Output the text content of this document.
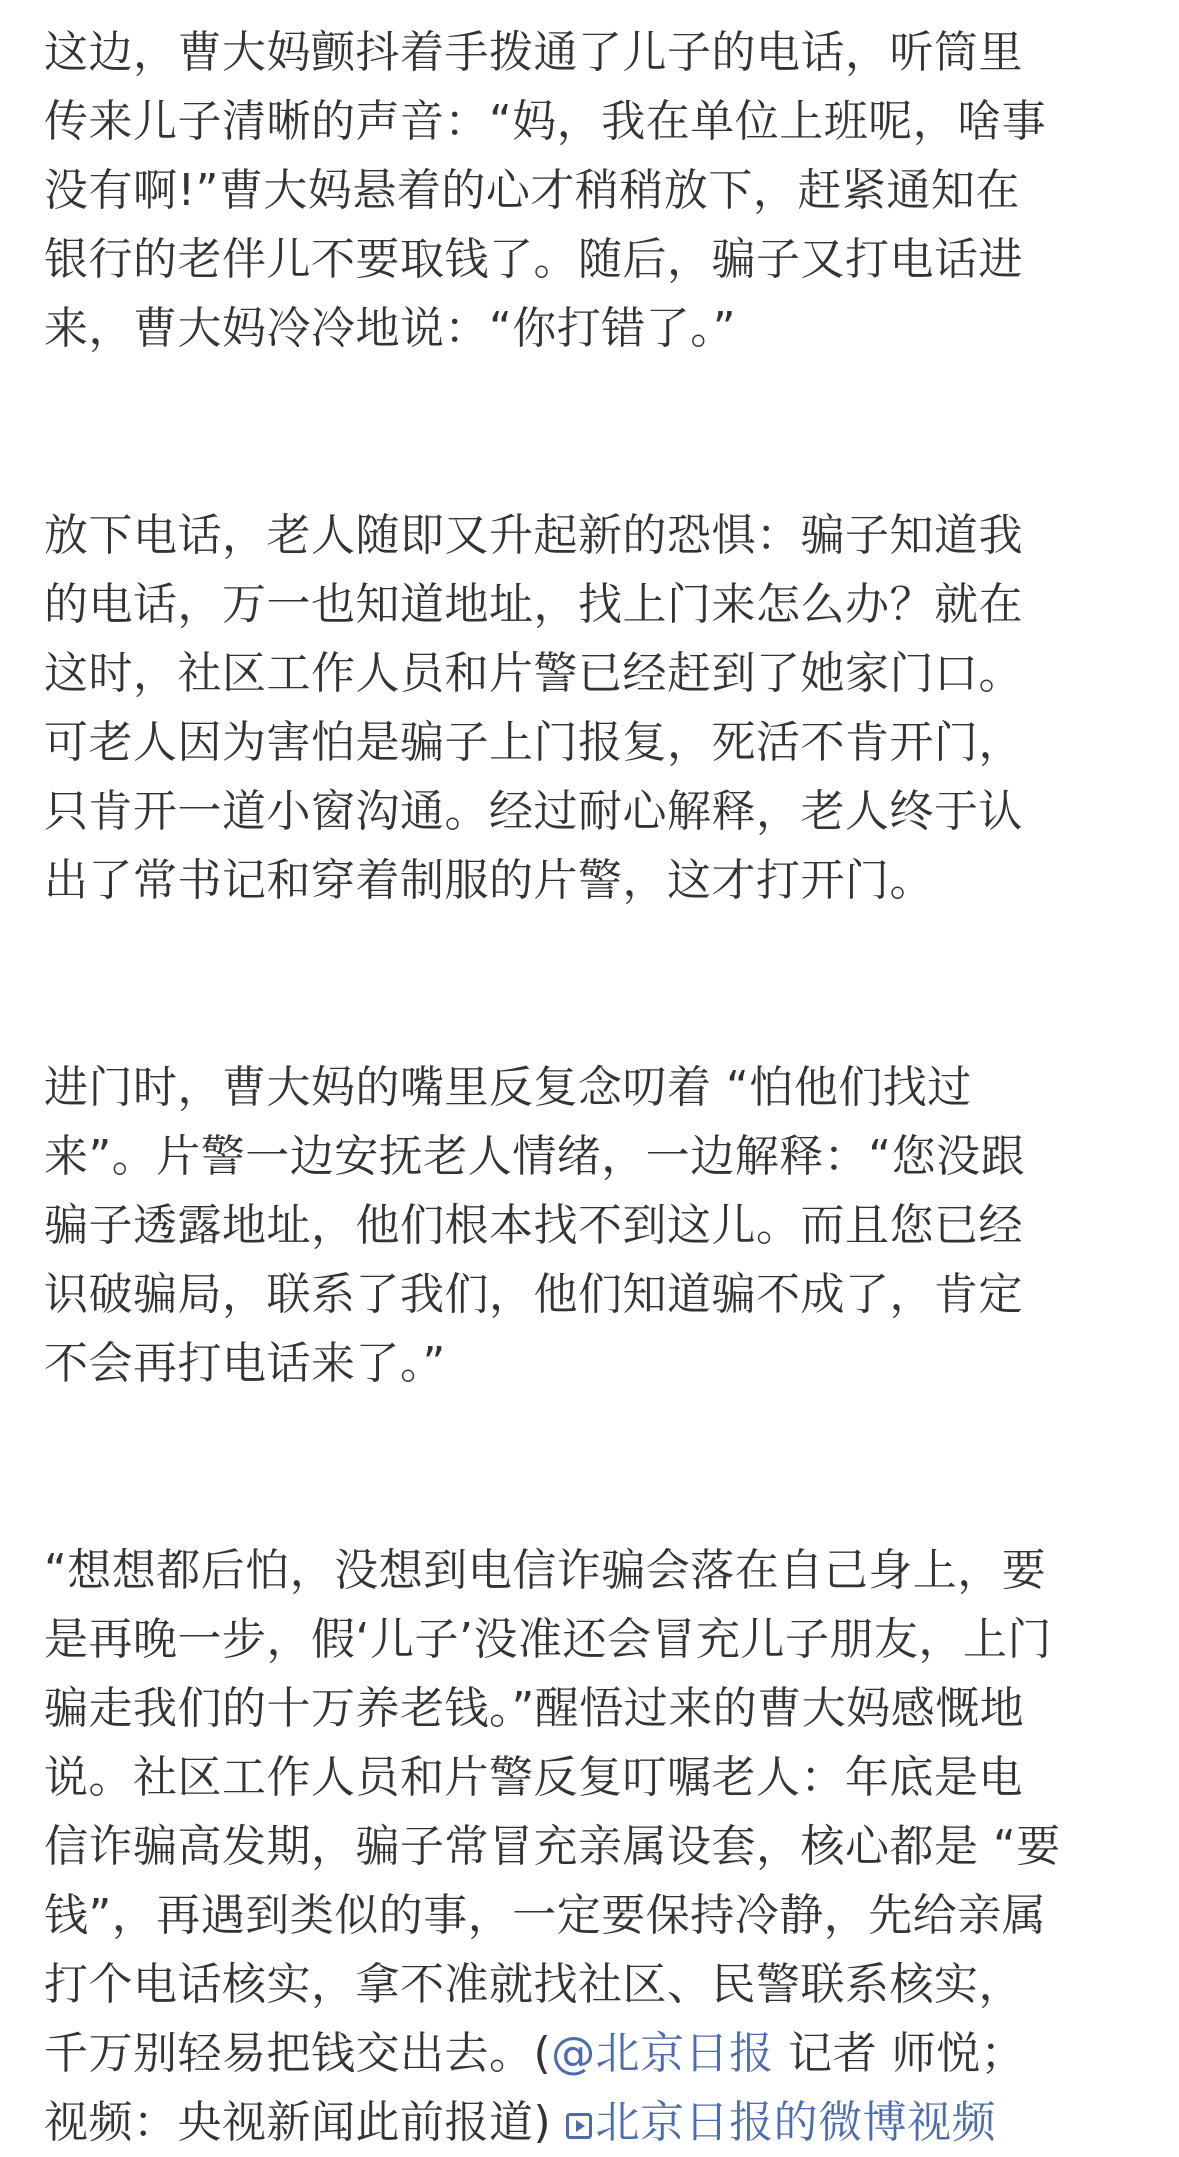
这边，曹大妈颤抖着手拨通了儿子的电话，听筒里
传来儿子清晰的声音：“妈，我在单位上班呢，啥事
没有啊!”曹大妈悬着的心才稍稍放下，赶紧通知在
银行的老伴儿不要取钱了。随后，骗子又打电话进
来，曹大妈冷冷地说：“你打错了。”
放下电话，老人随即又升起新的恐惧：骗子知道我
的电话，万一也知道地址，找上门来怎么办？就在
这时，社区工作人员和片警已经赶到了她家门口。
可老人因为害怕是骗子上门报复，死活不肯开门，
只肯开一道小窗沟通。经过耐心解释，老人终于认
出了常书记和穿着制服的片警，这才打开门。
进门时，曹大妈的嘴里反复念叨着 “怕他们找过
来”。片警一边安抚老人情绪，一边解释：“您没跟
骗子透露地址，他们根本找不到这儿。而且您已经
识破骗局，联系了我们，他们知道骗不成了，肯定
不会再打电话来了。”
“想想都后怕，没想到电信诈骗会落在自己身上，要
是再晚一步，假‘儿子’没准还会冒充儿子朋友，上门
骗走我们的十万养老钱。”醒悟过来的曹大妈感慨地
说。社区工作人员和片警反复叮嘱老人：年底是电
信诈骗高发期，骗子常冒充亲属设套，核心都是 “要
钱”，再遇到类似的事，一定要保持冷静，先给亲属
打个电话核实，拿不准就找社区、民警联系核实，
千万别轻易把钱交出去。(@北京日报 记者 师悦；
视频：央视新闻此前报道) 北京日报的微博视频
